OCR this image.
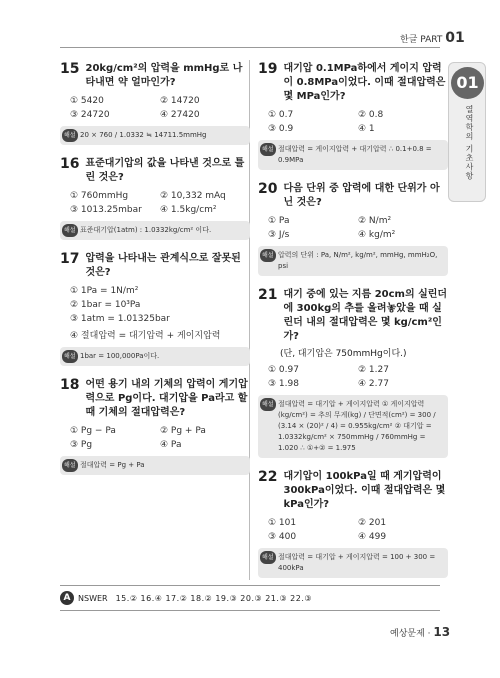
한글 PART 01
01
열역학의 기초사항
15 20kg/cm²의 압력을 mmHg로 나타내면 약 얼마인가?
① 5420	② 14720
③ 24720	④ 27420
해설 20 × 760 / 1.0332 ≒ 14711.5mmHg
16 표준대기압의 값을 나타낸 것으로 틀린 것은?
① 760mmHg	② 10,332 mAq
③ 1013.25mbar	④ 1.5kg/cm²
해설 표준대기압(1atm) : 1.0332kg/cm² 이다.
17 압력을 나타내는 관계식으로 잘못된 것은?
① 1Pa = 1N/m²
② 1bar = 10³Pa
③ 1atm = 1.01325bar
④ 절대압력 = 대기압력 + 게이지압력
해설 1bar = 100,000Pa이다.
18 어떤 용기 내의 기체의 압력이 게기압력으로 Pg이다. 대기압을 Pa라고 할 때 기체의 절대압력은?
① Pg − Pa	② Pg + Pa
③ Pg	④ Pa
해설 절대압력 = Pg + Pa
19 대기압 0.1MPa하에서 게이지 압력이 0.8MPa이었다. 이때 절대압력은 몇 MPa인가?
① 0.7	② 0.8
③ 0.9	④ 1
해설 절대압력 = 게이지압력 + 대기압력 ∴ 0.1+0.8 = 0.9MPa
20 다음 단위 중 압력에 대한 단위가 아닌 것은?
① Pa	② N/m²
③ J/s	④ kg/m²
해설 압력의 단위 : Pa, N/m², kg/m², mmHg, mmH₂O, psi
21 대기 중에 있는 지름 20cm의 실린더에 300kg의 추를 올려놓았을 때 실린더 내의 절대압력은 몇 kg/cm²인가?
(단, 대기압은 750mmHg이다.)
① 0.97	② 1.27
③ 1.98	④ 2.77
해설 절대압력 = 대기압 + 게이지압력 ① 게이지압력(kg/cm²) = 추의 무게(kg) / 단면적(cm²) = 300 / (3.14 × (20)² / 4) = 0.955kg/cm² ② 대기압 = 1.0332kg/cm² × 750mmHg / 760mmHg = 1.020 ∴ ①+② = 1.975
22 대기압이 100kPa일 때 게기압력이 300kPa이었다. 이때 절대압력은 몇 kPa인가?
① 101	② 201
③ 400	④ 499
해설 절대압력 = 대기압 + 게이지압력 = 100 + 300 = 400kPa
A NSWER 15.② 16.④ 17.② 18.② 19.③ 20.③ 21.③ 22.③
예상문제 · 13
